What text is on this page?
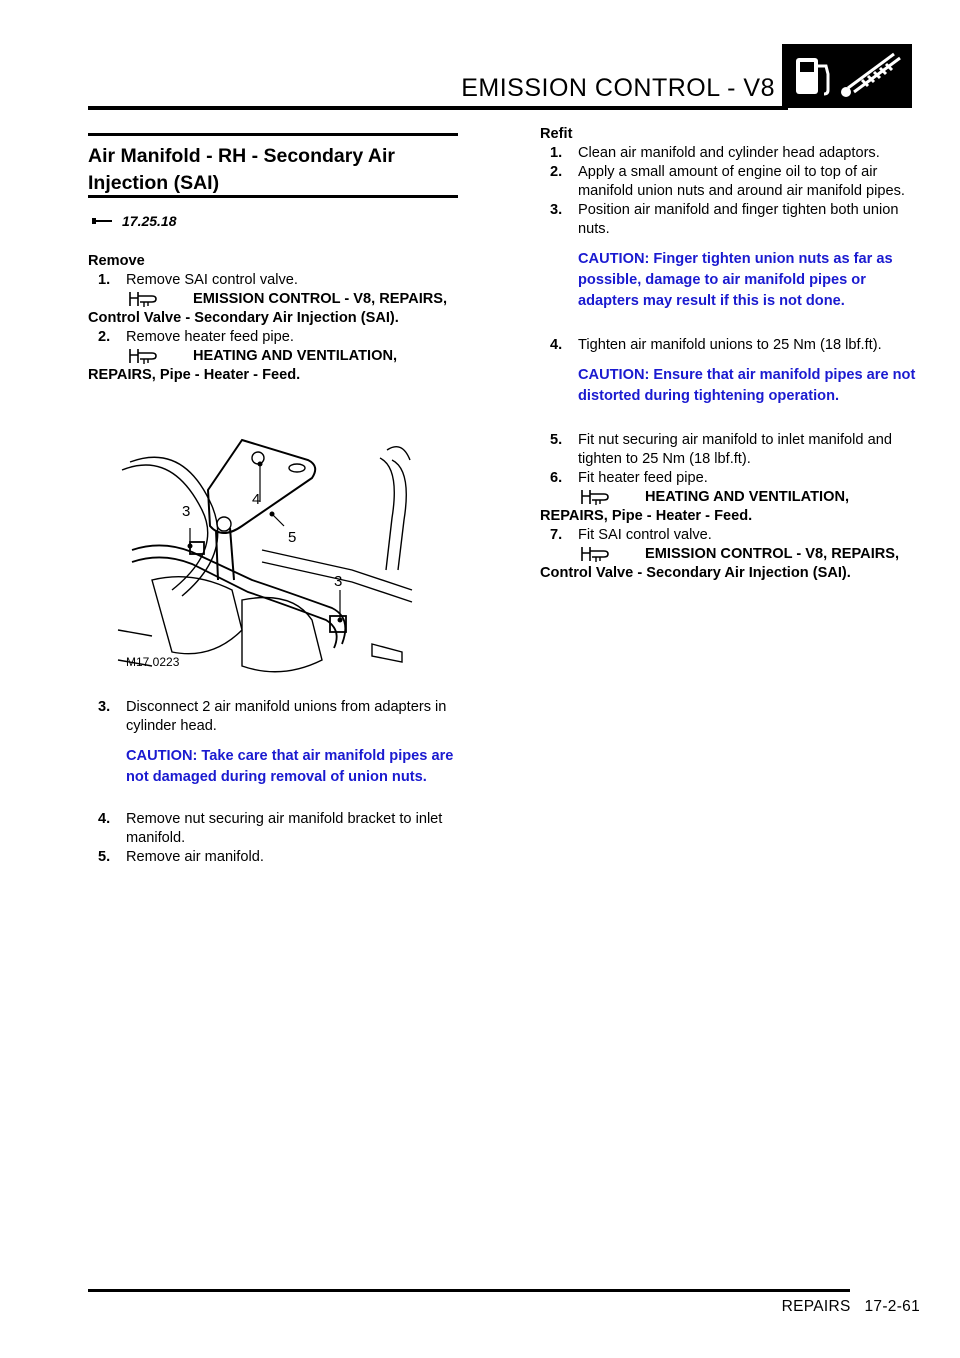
EMISSION CONTROL - V8
Air Manifold - RH - Secondary Air Injection (SAI)
17.25.18
Remove
1. Remove SAI control valve.
EMISSION CONTROL - V8, REPAIRS, Control Valve - Secondary Air Injection (SAI).
2. Remove heater feed pipe.
HEATING AND VENTILATION, REPAIRS, Pipe - Heater - Feed.
4
3
5
3
M17 0223
3. Disconnect 2 air manifold unions from adapters in cylinder head.
CAUTION: Take care that air manifold pipes are not damaged during removal of union nuts.
4. Remove nut securing air manifold bracket to inlet manifold.
5. Remove air manifold.
Refit
1. Clean air manifold and cylinder head adaptors.
2. Apply a small amount of engine oil to top of air manifold union nuts and around air manifold pipes.
3. Position air manifold and finger tighten both union nuts.
CAUTION: Finger tighten union nuts as far as possible, damage to air manifold pipes or adapters may result if this is not done.
4. Tighten air manifold unions to 25 Nm (18 lbf.ft).
CAUTION: Ensure that air manifold pipes are not distorted during tightening operation.
5. Fit nut securing air manifold to inlet manifold and tighten to 25 Nm (18 lbf.ft).
6. Fit heater feed pipe.
HEATING AND VENTILATION, REPAIRS, Pipe - Heater - Feed.
7. Fit SAI control valve.
EMISSION CONTROL - V8, REPAIRS, Control Valve - Secondary Air Injection (SAI).
REPAIRS   17-2-61
